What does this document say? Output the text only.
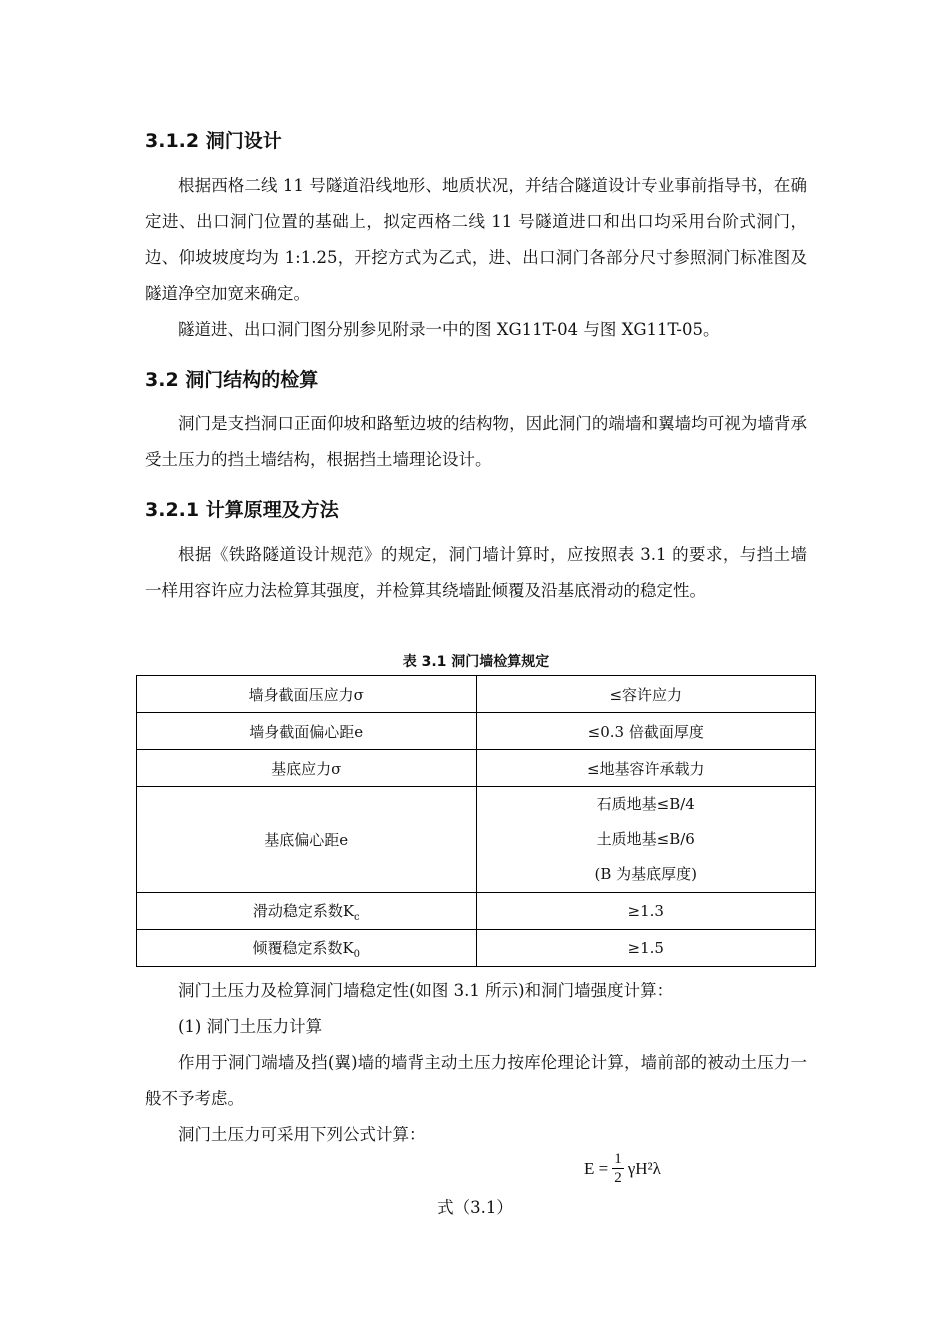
3.1.2 洞门设计

根据西格二线 11 号隧道沿线地形、地质状况，并结合隧道设计专业事前指导书，在确定进、出口洞门位置的基础上，拟定西格二线 11 号隧道进口和出口均采用台阶式洞门，边、仰坡坡度均为 1:1.25，开挖方式为乙式，进、出口洞门各部分尺寸参照洞门标准图及隧道净空加宽来确定。

隧道进、出口洞门图分别参见附录一中的图 XG11T-04 与图 XG11T-05。

3.2 洞门结构的检算

洞门是支挡洞口正面仰坡和路堑边坡的结构物，因此洞门的端墙和翼墙均可视为墙背承受土压力的挡土墙结构，根据挡土墙理论设计。

3.2.1 计算原理及方法

根据《铁路隧道设计规范》的规定，洞门墙计算时，应按照表 3.1 的要求，与挡土墙一样用容许应力法检算其强度，并检算其绕墙趾倾覆及沿基底滑动的稳定性。

表 3.1 洞门墙检算规定
墙身截面压应力σ	≤容许应力
墙身截面偏心距e	≤0.3 倍截面厚度
基底应力σ	≤地基容许承载力
基底偏心距e	石质地基≤B/4
土质地基≤B/6
(B 为基底厚度)

滑动稳定系数$K_c$	≥1.3
倾覆稳定系数$K_0$	≥1.5

洞门土压力及检算洞门墙稳定性(如图 3.1 所示)和洞门墙强度计算：

(1) 洞门土压力计算

作用于洞门端墙及挡(翼)墙的墙背主动土压力按库伦理论计算，墙前部的被动土压力一般不予考虑。

洞门土压力可采用下列公式计算：

$E = \frac{1}{2} \gamma H^2\lambda$
式（3.1）
